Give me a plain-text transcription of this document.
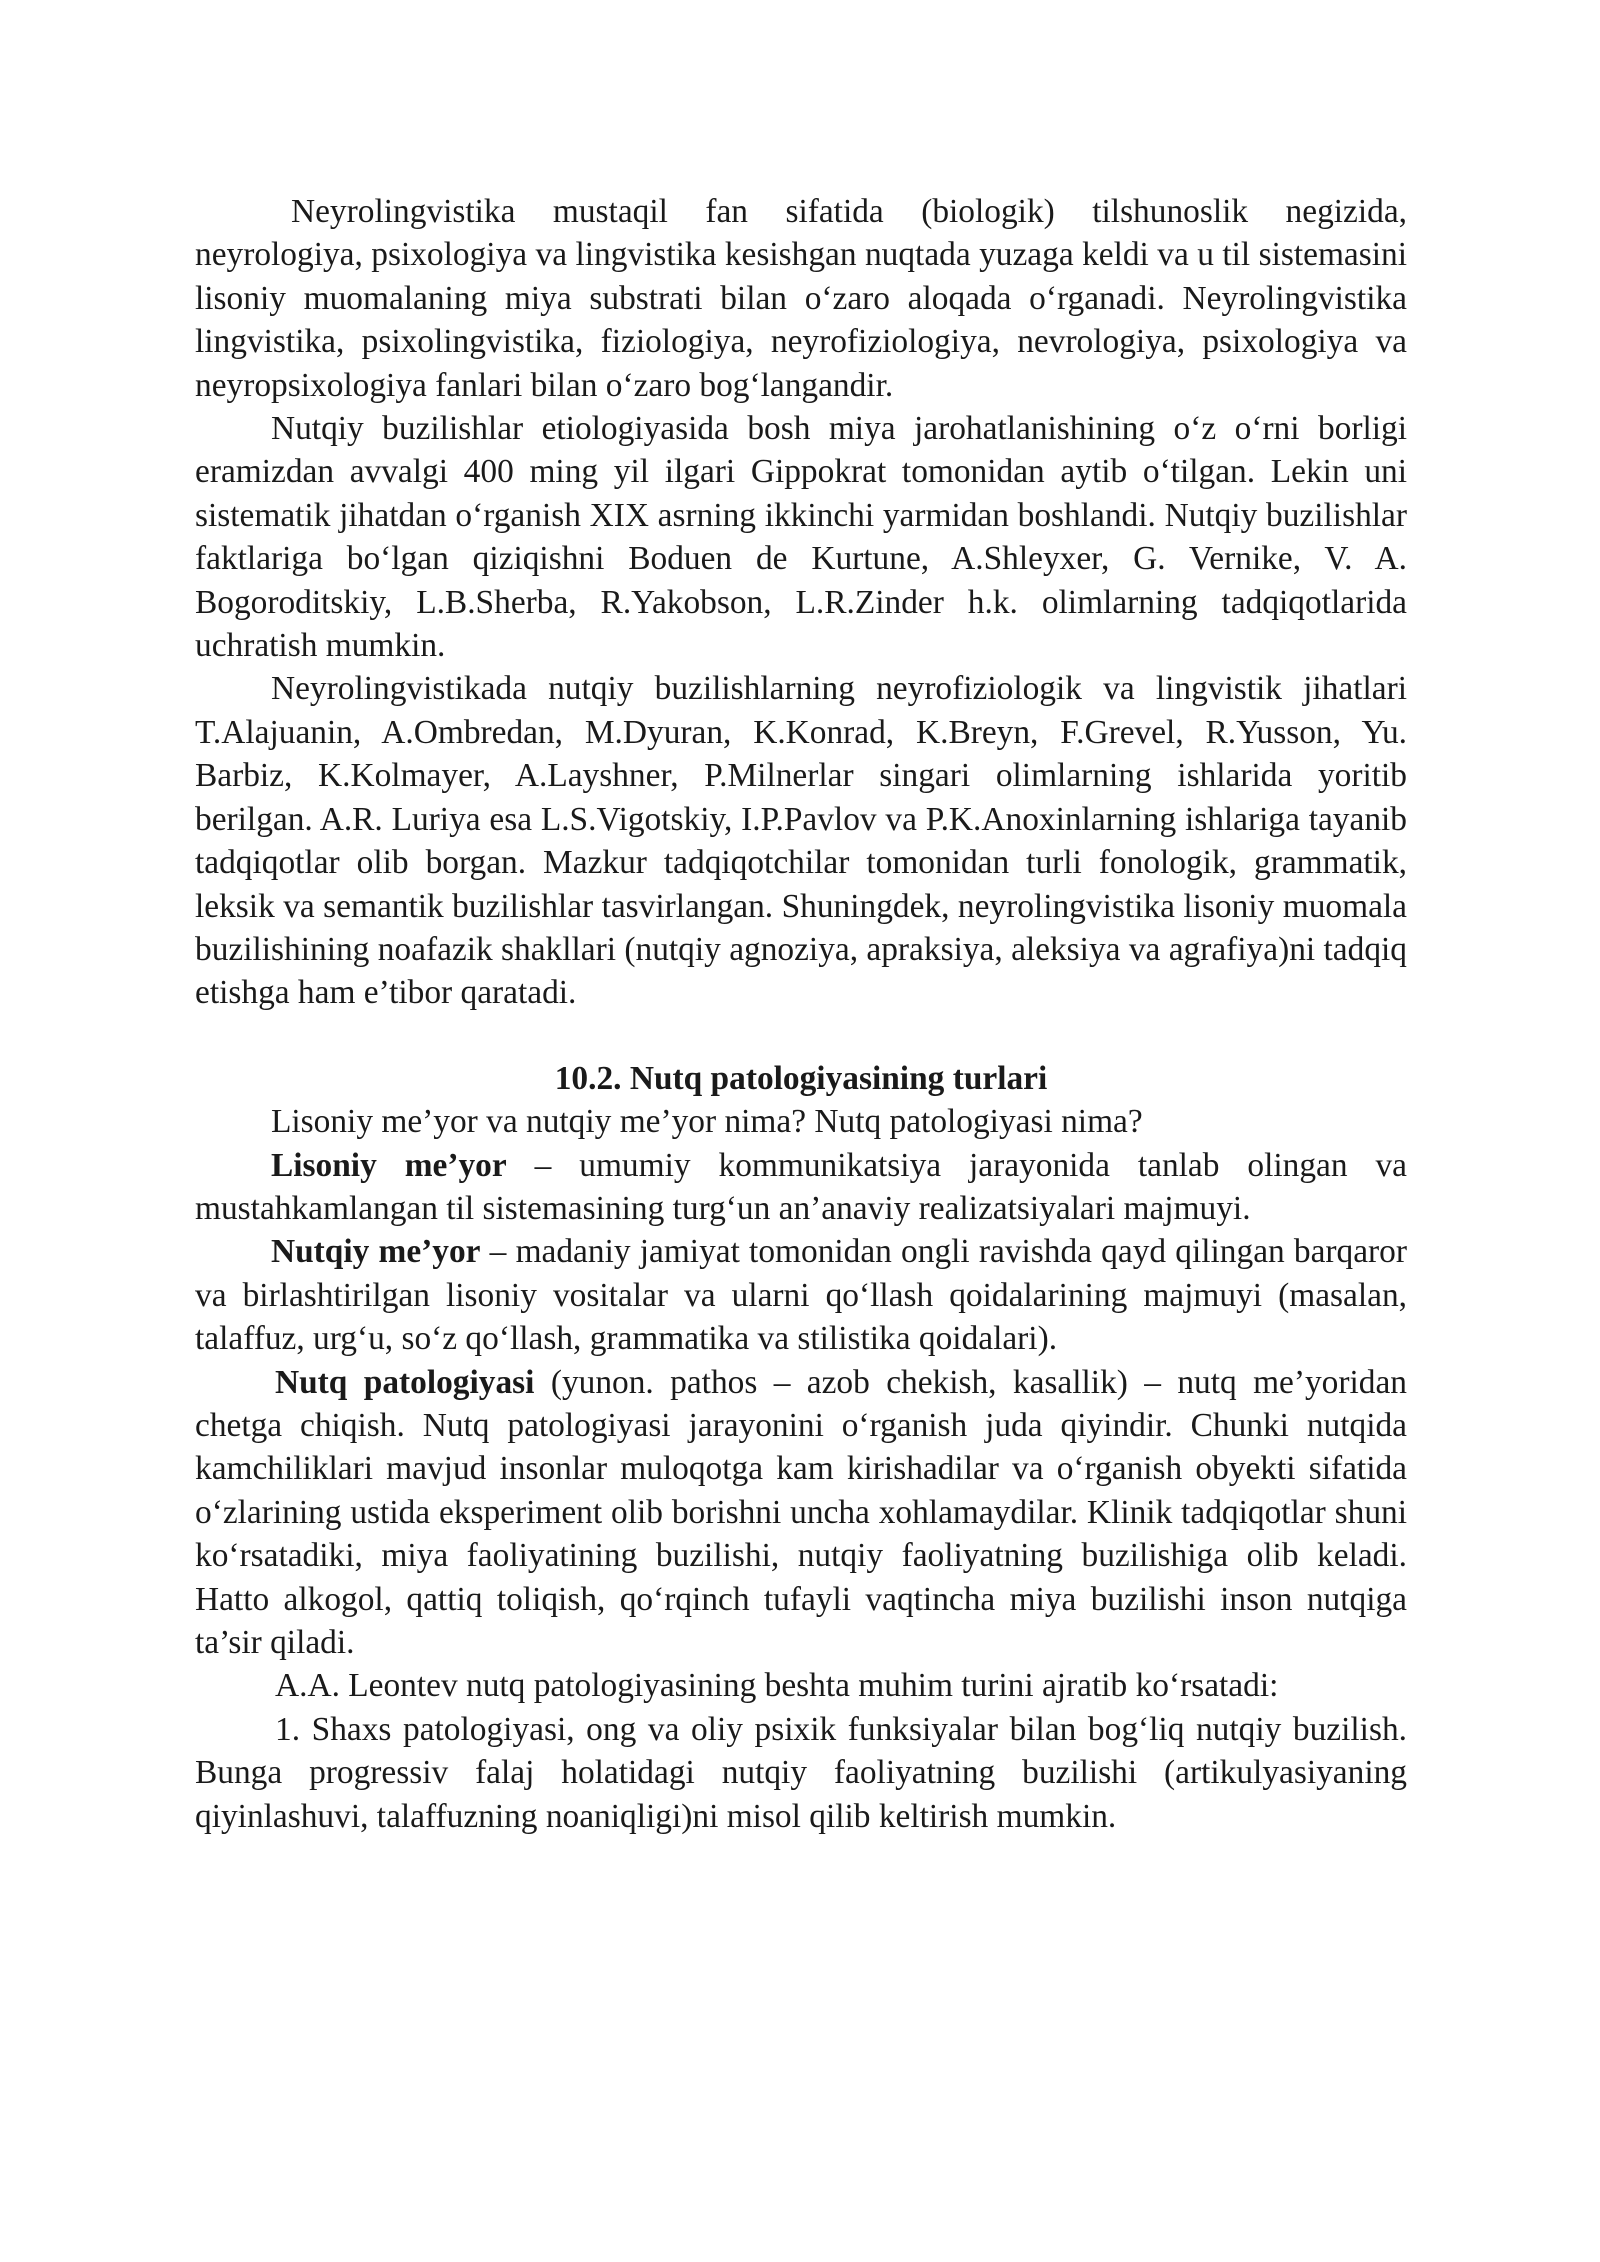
Neyrolingvistika mustaqil fan sifatida (biologik) tilshunoslik negizida, neyrologiya, psixologiya va lingvistika kesishgan nuqtada yuzaga keldi va u til sistemasini lisoniy muomalaning miya substrati bilan o‘zaro aloqada o‘rganadi. Neyrolingvistika lingvistika, psixolingvistika, fiziologiya, neyrofiziologiya, nevrologiya, psixologiya va neyropsixologiya fanlari bilan o‘zaro bog‘langandir.

Nutqiy buzilishlar etiologiyasida bosh miya jarohatlanishining o‘z o‘rni borligi eramizdan avvalgi 400 ming yil ilgari Gippokrat tomonidan aytib o‘tilgan. Lekin uni sistematik jihatdan o‘rganish XIX asrning ikkinchi yarmidan boshlandi. Nutqiy buzilishlar faktlariga bo‘lgan qiziqishni Boduen de Kurtune, A.Shleyxer, G. Vernike, V. A. Bogoroditskiy, L.B.Sherba, R.Yakobson, L.R.Zinder h.k. olimlarning tadqiqotlarida uchratish mumkin.

Neyrolingvistikada nutqiy buzilishlarning neyrofiziologik va lingvistik jihatlari T.Alajuanin, A.Ombredan, M.Dyuran, K.Konrad, K.Breyn, F.Grevel, R.Yusson, Yu. Barbiz, K.Kolmayer, A.Layshner, P.Milnerlar singari olimlarning ishlarida yoritib berilgan. A.R. Luriya esa L.S.Vigotskiy, I.P.Pavlov va P.K.Anoxinlarning ishlariga tayanib tadqiqotlar olib borgan. Mazkur tadqiqotchilar tomonidan turli fonologik, grammatik, leksik va semantik buzilishlar tasvirlangan. Shuningdek, neyrolingvistika lisoniy muomala buzilishining noafazik shakllari (nutqiy agnoziya, apraksiya, aleksiya va agrafiya)ni tadqiq etishga ham e’tibor qaratadi.

10.2. Nutq patologiyasining turlari

Lisoniy me’yor va nutqiy me’yor nima? Nutq patologiyasi nima?

Lisoniy me’yor – umumiy kommunikatsiya jarayonida tanlab olingan va mustahkamlangan til sistemasining turg‘un an’anaviy realizatsiyalari majmuyi.

Nutqiy me’yor – madaniy jamiyat tomonidan ongli ravishda qayd qilingan barqaror va birlashtirilgan lisoniy vositalar va ularni qo‘llash qoidalarining majmuyi (masalan, talaffuz, urg‘u, so‘z qo‘llash, grammatika va stilistika qoidalari).

Nutq patologiyasi (yunon. pathos – azob chekish, kasallik) – nutq me’yoridan chetga chiqish. Nutq patologiyasi jarayonini o‘rganish juda qiyindir. Chunki nutqida kamchiliklari mavjud insonlar muloqotga kam kirishadilar va o‘rganish obyekti sifatida o‘zlarining ustida eksperiment olib borishni uncha xohlamaydilar. Klinik tadqiqotlar shuni ko‘rsatadiki, miya faoliyatining buzilishi, nutqiy faoliyatning buzilishiga olib keladi. Hatto alkogol, qattiq toliqish, qo‘rqinch tufayli vaqtincha miya buzilishi inson nutqiga ta’sir qiladi.

A.A. Leontev nutq patologiyasining beshta muhim turini ajratib ko‘rsatadi:

1. Shaxs patologiyasi, ong va oliy psixik funksiyalar bilan bog‘liq nutqiy buzilish. Bunga progressiv falaj holatidagi nutqiy faoliyatning buzilishi (artikulyasiyaning qiyinlashuvi, talaffuzning noaniqligi)ni misol qilib keltirish mumkin.
